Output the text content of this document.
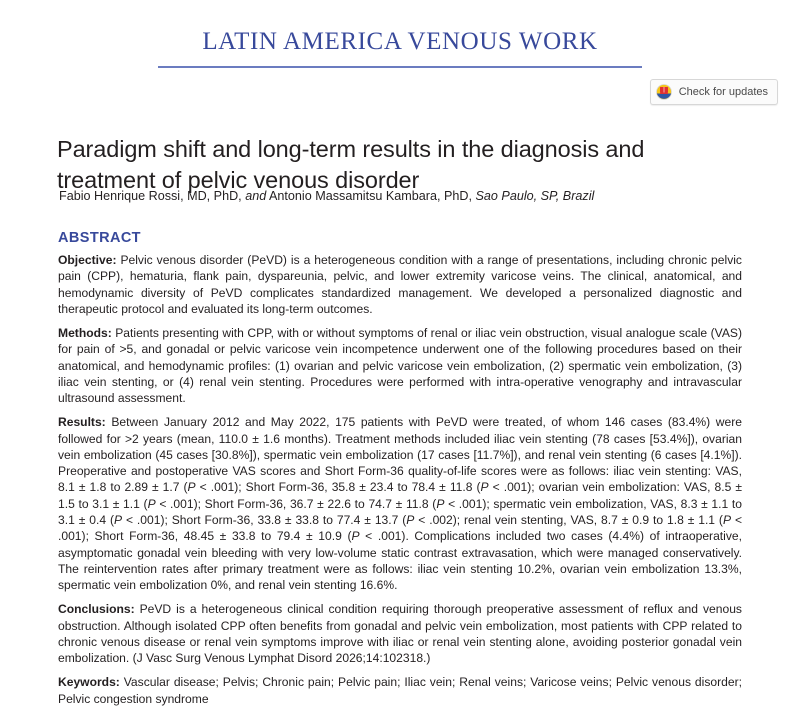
LATIN AMERICA VENOUS WORK
Check for updates
Paradigm shift and long-term results in the diagnosis and treatment of pelvic venous disorder
Fabio Henrique Rossi, MD, PhD, and Antonio Massamitsu Kambara, PhD, Sao Paulo, SP, Brazil
ABSTRACT

Objective: Pelvic venous disorder (PeVD) is a heterogeneous condition with a range of presentations, including chronic pelvic pain (CPP), hematuria, flank pain, dyspareunia, pelvic, and lower extremity varicose veins. The clinical, anatomical, and hemodynamic diversity of PeVD complicates standardized management. We developed a personalized diagnostic and therapeutic protocol and evaluated its long-term outcomes.

Methods: Patients presenting with CPP, with or without symptoms of renal or iliac vein obstruction, visual analogue scale (VAS) for pain of >5, and gonadal or pelvic varicose vein incompetence underwent one of the following procedures based on their anatomical, and hemodynamic profiles: (1) ovarian and pelvic varicose vein embolization, (2) spermatic vein embolization, (3) iliac vein stenting, or (4) renal vein stenting. Procedures were performed with intra-operative venography and intravascular ultrasound assessment.

Results: Between January 2012 and May 2022, 175 patients with PeVD were treated, of whom 146 cases (83.4%) were followed for >2 years (mean, 110.0 ± 1.6 months). Treatment methods included iliac vein stenting (78 cases [53.4%]), ovarian vein embolization (45 cases [30.8%]), spermatic vein embolization (17 cases [11.7%]), and renal vein stenting (6 cases [4.1%]). Preoperative and postoperative VAS scores and Short Form-36 quality-of-life scores were as follows: iliac vein stenting: VAS, 8.1 ± 1.8 to 2.89 ± 1.7 (P < .001); Short Form-36, 35.8 ± 23.4 to 78.4 ± 11.8 (P < .001); ovarian vein embolization: VAS, 8.5 ± 1.5 to 3.1 ± 1.1 (P < .001); Short Form-36, 36.7 ± 22.6 to 74.7 ± 11.8 (P < .001); spermatic vein embolization, VAS, 8.3 ± 1.1 to 3.1 ± 0.4 (P < .001); Short Form-36, 33.8 ± 33.8 to 77.4 ± 13.7 (P < .002); renal vein stenting, VAS, 8.7 ± 0.9 to 1.8 ± 1.1 (P < .001); Short Form-36, 48.45 ± 33.8 to 79.4 ± 10.9 (P < .001). Complications included two cases (4.4%) of intraoperative, asymptomatic gonadal vein bleeding with very low-volume static contrast extravasation, which were managed conservatively. The reintervention rates after primary treatment were as follows: iliac vein stenting 10.2%, ovarian vein embolization 13.3%, spermatic vein embolization 0%, and renal vein stenting 16.6%.

Conclusions: PeVD is a heterogeneous clinical condition requiring thorough preoperative assessment of reflux and venous obstruction. Although isolated CPP often benefits from gonadal and pelvic vein embolization, most patients with CPP related to chronic venous disease or renal vein symptoms improve with iliac or renal vein stenting alone, avoiding posterior gonadal vein embolization. (J Vasc Surg Venous Lymphat Disord 2026;14:102318.)

Keywords: Vascular disease; Pelvis; Chronic pain; Pelvic pain; Iliac vein; Renal veins; Varicose veins; Pelvic venous disorder; Pelvic congestion syndrome
